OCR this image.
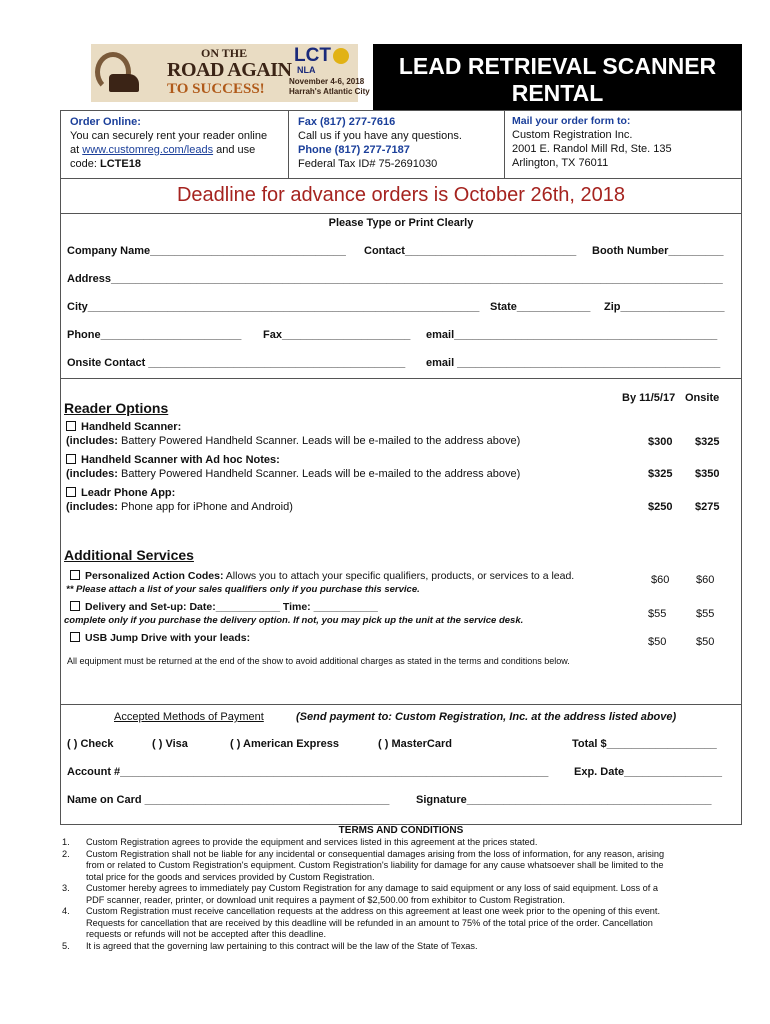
ON THE
ROAD AGAIN
TO SUCCESS!
LCT
NLA
November 4-6, 2018
Harrah's Atlantic City
LEAD RETRIEVAL SCANNER
RENTAL
Order Online:
You can securely rent your reader online
at www.customreg.com/leads and use
code: LCTE18
Fax (817) 277-7616
Call us if you have any questions.
Phone (817) 277-7187
Federal Tax ID# 75-2691030
Mail your order form to:
Custom Registration Inc.
2001 E. Randol Mill Rd, Ste. 135
Arlington, TX 76011
Deadline for advance orders is October 26th, 2018
Please Type or Print Clearly
Company Name________________________________ Contact____________________________ Booth Number_________
Address____________________________________________________________________________________________________
City________________________________________________________________ State____________ Zip_________________
Phone_______________________ Fax_____________________ email___________________________________________
Onsite Contact __________________________________________	email ___________________________________________
By 11/5/17 Onsite
Reader Options
Handheld Scanner:
(includes: Battery Powered Handheld Scanner. Leads will be e-mailed to the address above)	$300 $325
Handheld Scanner with Ad hoc Notes:
(includes: Battery Powered Handheld Scanner. Leads will be e-mailed to the address above)	$325 $350
Leadr Phone App:
(includes: Phone app for iPhone and Android)	$250 $275
Additional Services
Personalized Action Codes: Allows you to attach your specific qualifiers, products, or services to a lead.
** Please attach a list of your sales qualifiers only if you purchase this service.
$60 $60
Delivery and Set-up: Date:___________ Time: ___________
complete only if you purchase the delivery option. If not, you may pick up the unit at the service desk.
$55	$55
USB Jump Drive with your leads:	$50	$50
All equipment must be returned at the end of the show to avoid additional charges as stated in the terms and conditions below.
Accepted Methods of Payment	(Send payment to: Custom Registration, Inc. at the address listed above)
( ) Check	( ) Visa	( ) American Express	( ) MasterCard	Total $__________________
Account #______________________________________________________________________	Exp. Date________________
Name on Card ________________________________________ Signature________________________________________
TERMS AND CONDITIONS
1.	Custom Registration agrees to provide the equipment and services listed in this agreement at the prices stated.
2.	Custom Registration shall not be liable for any incidental or consequential damages arising from the loss of information, for any reason, arising
from or related to Custom Registration's equipment. Custom Registration's liability for damage for any cause whatsoever shall be limited to the
total price for the goods and services provided by Custom Registration.
3.	Customer hereby agrees to immediately pay Custom Registration for any damage to said equipment or any loss of said equipment. Loss of a
PDF scanner, reader, printer, or download unit requires a payment of $2,500.00 from exhibitor to Custom Registration.
4.	Custom Registration must receive cancellation requests at the address on this agreement at least one week prior to the opening of this event.
Requests for cancellation that are received by this deadline will be refunded in an amount to 75% of the total price of the order. Cancellation
requests or refunds will not be accepted after this deadline.
5.	It is agreed that the governing law pertaining to this contract will be the law of the State of Texas.
